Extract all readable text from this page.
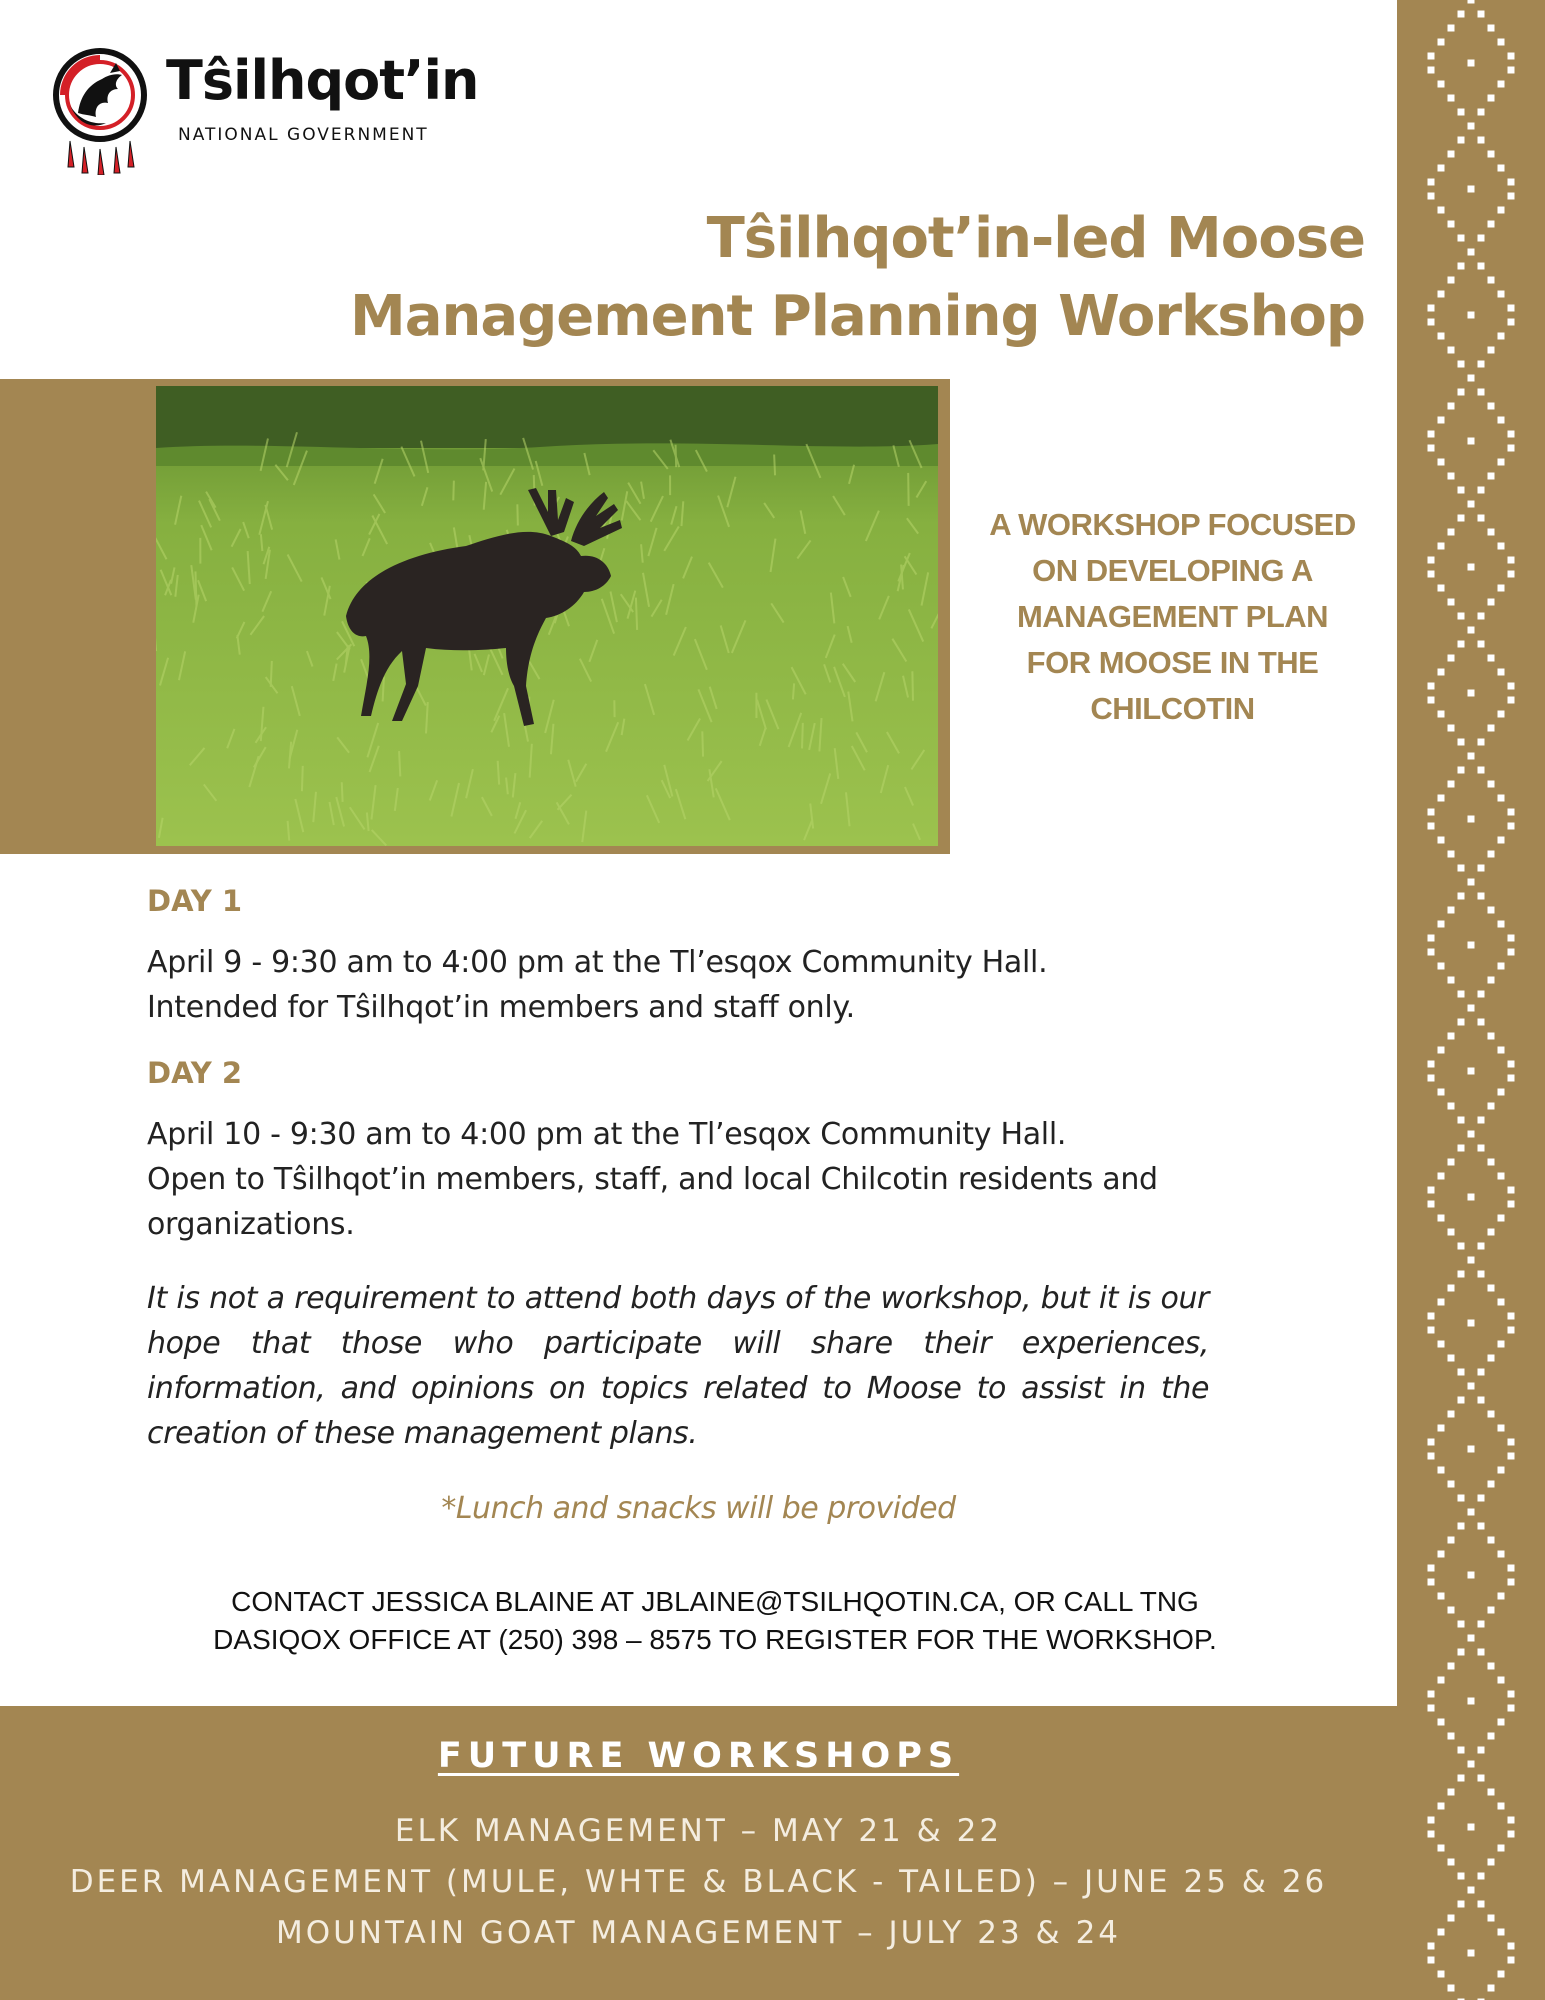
Tŝilhqot’in
NATIONAL GOVERNMENT
Tŝilhqot’in-led Moose
Management Planning Workshop
A WORKSHOP FOCUSED
ON DEVELOPING A
MANAGEMENT PLAN
FOR MOOSE IN THE
CHILCOTIN
DAY 1
April 9 - 9:30 am to 4:00 pm at the Tl’esqox Community Hall.
Intended for Tŝilhqot’in members and staff only.
DAY 2
April 10 - 9:30 am to 4:00 pm at the Tl’esqox Community Hall.
Open to Tŝilhqot’in members, staff, and local Chilcotin residents and
organizations.
It is not a requirement to attend both days of the workshop, but it is our hope that those who participate will share their experiences, information, and opinions on topics related to Moose to assist in the creation of these management plans.
*Lunch and snacks will be provided
CONTACT JESSICA BLAINE AT JBLAINE@TSILHQOTIN.CA, OR CALL TNG
DASIQOX OFFICE AT (250) 398 – 8575 TO REGISTER FOR THE WORKSHOP.
FUTURE WORKSHOPS
ELK MANAGEMENT – MAY 21 & 22
DEER MANAGEMENT (MULE, WHTE & BLACK - TAILED) – JUNE 25 & 26
MOUNTAIN GOAT MANAGEMENT – JULY 23 & 24
